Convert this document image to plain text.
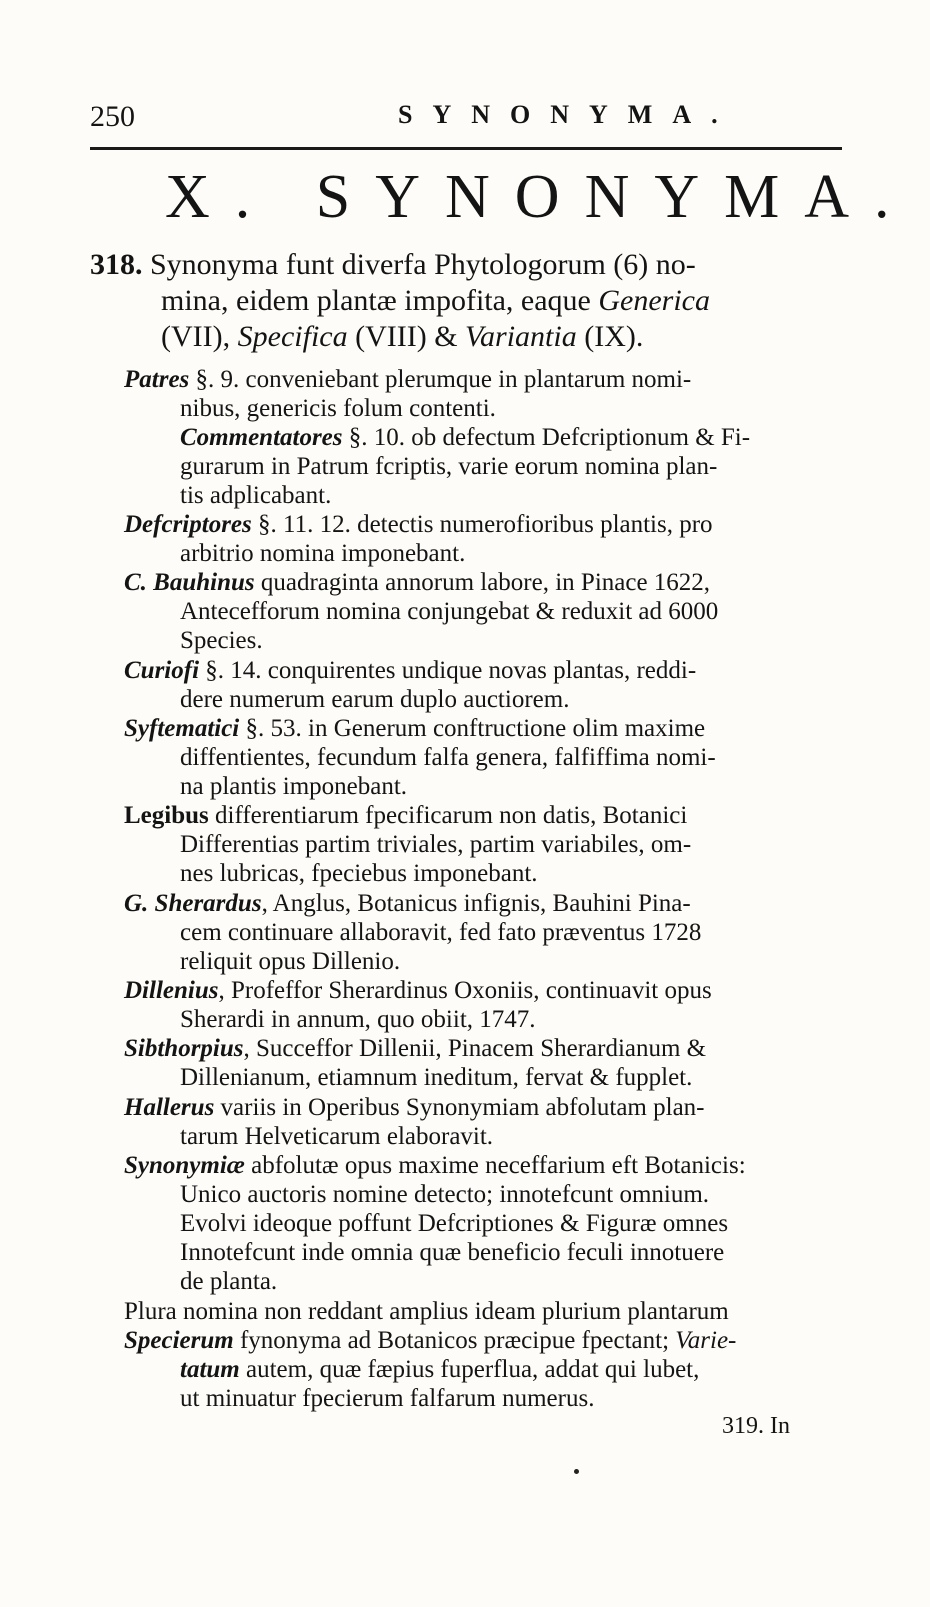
250	SYNONYMA.
X. SYNONYMA.
318. Synonyma funt diverfa Phytologorum (6) no-
mina, eidem plantæ impofita, eaque Generica
(VII), Specifica (VIII) & Variantia (IX).
Patres §. 9. conveniebant plerumque in plantarum nomi-
nibus, genericis folum contenti.
Commentatores §. 10. ob defectum Defcriptionum & Fi-
gurarum in Patrum fcriptis, varie eorum nomina plan-
tis adplicabant.
Defcriptores §. 11. 12. detectis numerofioribus plantis, pro
arbitrio nomina imponebant.
C. Bauhinus quadraginta annorum labore, in Pinace 1622,
Antecefforum nomina conjungebat & reduxit ad 6000
Species.
Curiofi §. 14. conquirentes undique novas plantas, reddi-
dere numerum earum duplo auctiorem.
Syftematici §. 53. in Generum conftructione olim maxime
diffentientes, fecundum falfa genera, falfiffima nomi-
na plantis imponebant.
Legibus differentiarum fpecificarum non datis, Botanici
Differentias partim triviales, partim variabiles, om-
nes lubricas, fpeciebus imponebant.
G. Sherardus, Anglus, Botanicus infignis, Bauhini Pina-
cem continuare allaboravit, fed fato præventus 1728
reliquit opus Dillenio.
Dillenius, Profeffor Sherardinus Oxoniis, continuavit opus
Sherardi in annum, quo obiit, 1747.
Sibthorpius, Succeffor Dillenii, Pinacem Sherardianum &
Dillenianum, etiamnum ineditum, fervat & fupplet.
Hallerus variis in Operibus Synonymiam abfolutam plan-
tarum Helveticarum elaboravit.
Synonymiæ abfolutæ opus maxime neceffarium eft Botanicis:
Unico auctoris nomine detecto; innotefcunt omnium.
Evolvi ideoque poffunt Defcriptiones & Figuræ omnes
Innotefcunt inde omnia quæ beneficio feculi innotuere
de planta.
Plura nomina non reddant amplius ideam plurium plantarum
Specierum fynonyma ad Botanicos præcipue fpectant; Varie-
tatum autem, quæ fæpius fuperflua, addat qui lubet,
ut minuatur fpecierum falfarum numerus.
319. In
